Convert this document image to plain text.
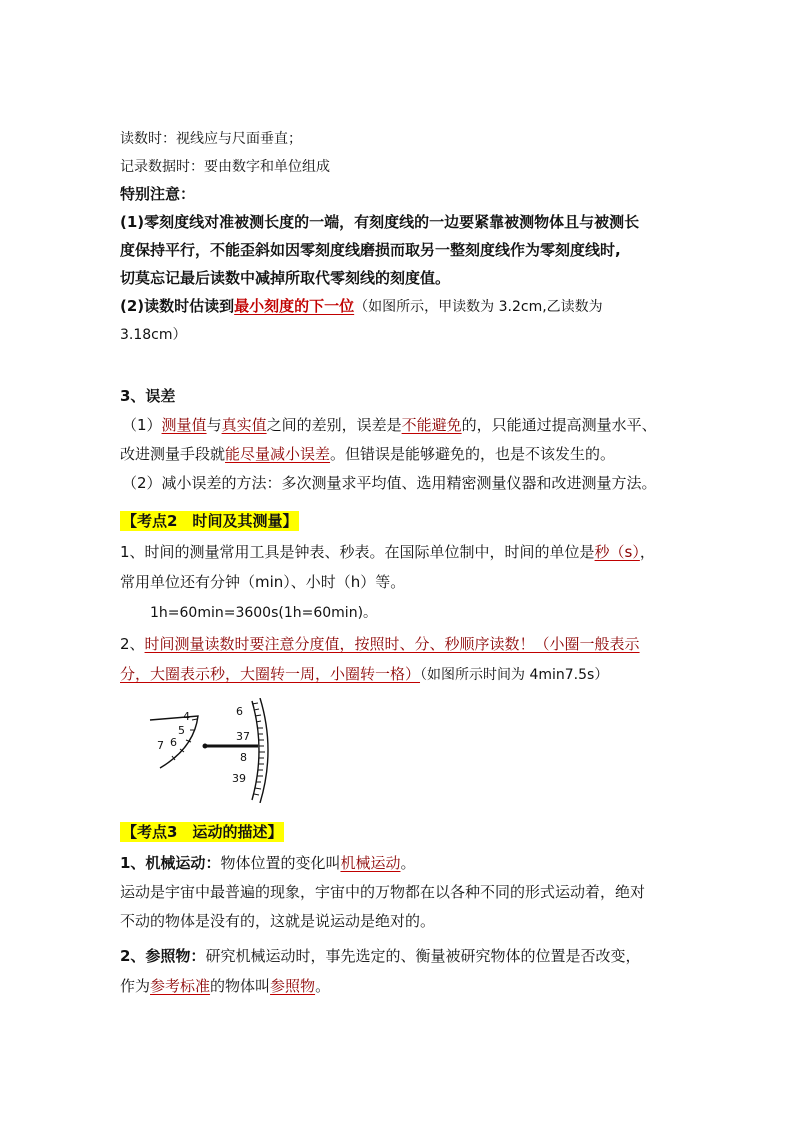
读数时：视线应与尺面垂直；
记录数据时：要由数字和单位组成
特别注意：
(1)零刻度线对准被测长度的一端，有刻度线的一边要紧靠被测物体且与被测长
度保持平行，不能歪斜如因零刻度线磨损而取另一整刻度线作为零刻度线时,
切莫忘记最后读数中减掉所取代零刻线的刻度值。
(2)读数时估读到最小刻度的下一位（如图所示，甲读数为 3.2cm,乙读数为
3.18cm）
3、误差
（1）测量值与真实值之间的差别，误差是不能避免的，只能通过提高测量水平、
改进测量手段就能尽量减小误差。但错误是能够避免的，也是不该发生的。
（2）减小误差的方法：多次测量求平均值、选用精密测量仪器和改进测量方法。
【考点2　时间及其测量】
1、时间的测量常用工具是钟表、秒表。在国际单位制中，时间的单位是秒（s），
常用单位还有分钟（min）、小时（h）等。
1h=60min=3600s(1h=60min)。
2、时间测量读数时要注意分度值，按照时、分、秒顺序读数！（小圈一般表示
分，大圈表示秒，大圈转一周，小圈转一格）（如图所示时间为 4min7.5s）
4
5
6
7
6
37
8
39
【考点3　运动的描述】
1、机械运动：物体位置的变化叫机械运动。
运动是宇宙中最普遍的现象，宇宙中的万物都在以各种不同的形式运动着，绝对
不动的物体是没有的，这就是说运动是绝对的。
2、参照物：研究机械运动时，事先选定的、衡量被研究物体的位置是否改变，
作为参考标准的物体叫参照物。
